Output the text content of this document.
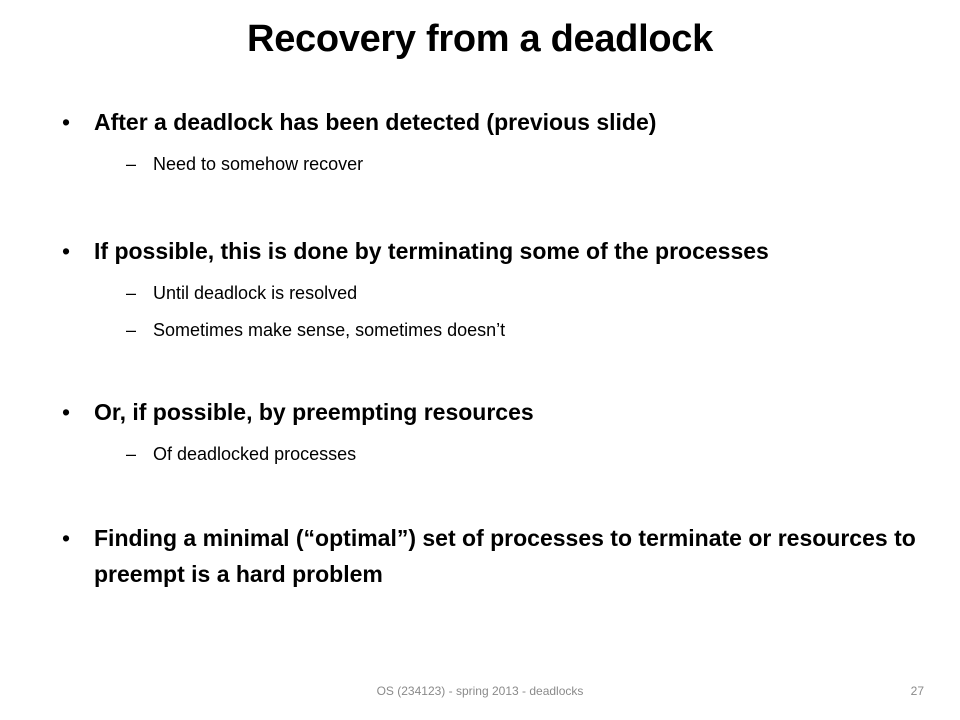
Recovery from a deadlock
•	After a deadlock has been detected (previous slide)
– Need to somehow recover
•	If possible, this is done by terminating some of the processes
– Until deadlock is resolved
– Sometimes make sense, sometimes doesn’t
•	Or, if possible, by preempting resources
– Of deadlocked processes
•	Finding a minimal (“optimal”) set of processes to terminate or resources to preempt is a hard problem
OS (234123) - spring 2013 - deadlocks	27
